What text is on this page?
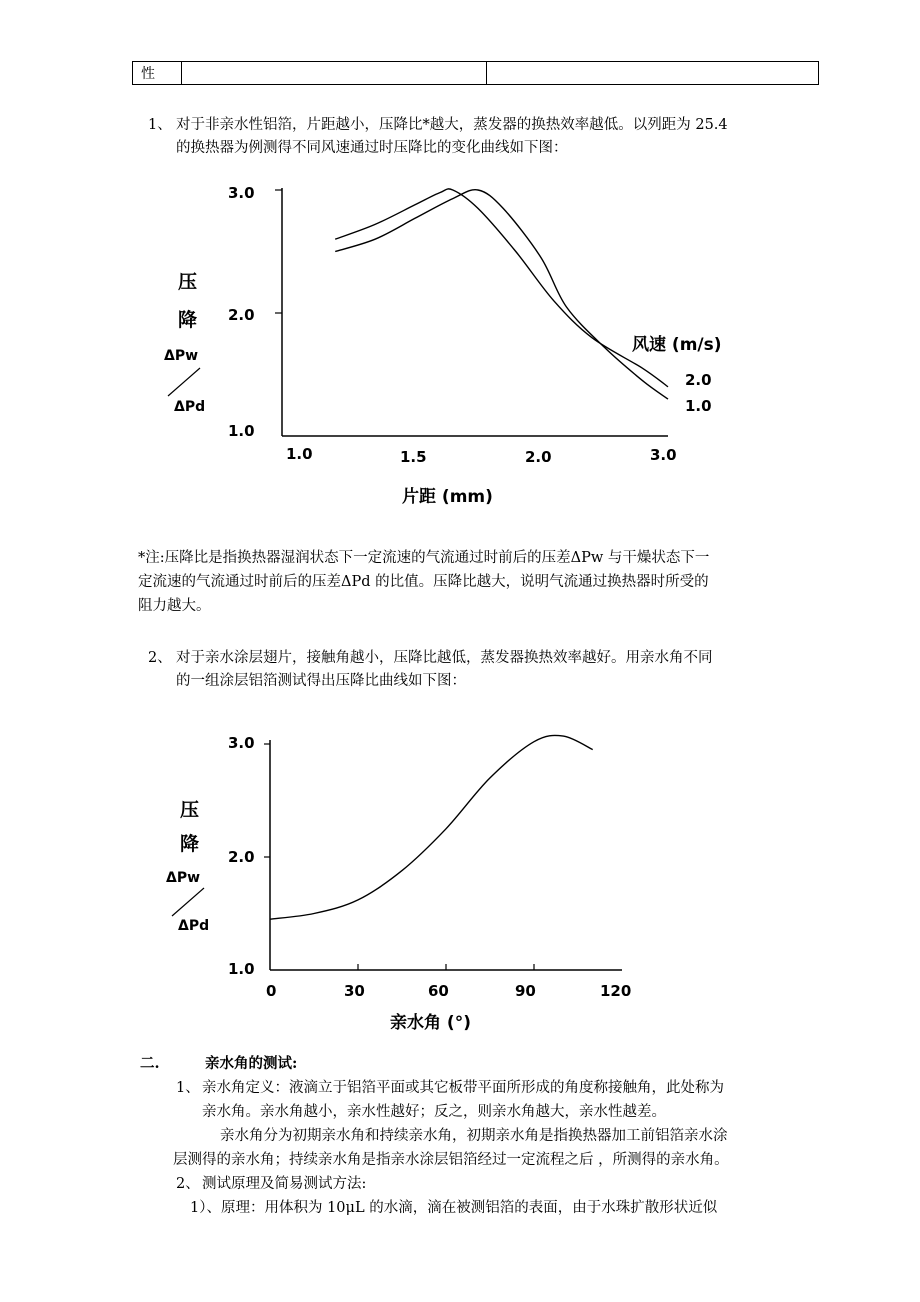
性
1、 对于非亲水性铝箔，片距越小，压降比*越大，蒸发器的换热效率越低。以列距为 25.4
的换热器为例测得不同风速通过时压降比的变化曲线如下图：
3.0
2.0
1.0
1.0	1.5	2.0	3.0
片距 (mm)
风速 (m/s)
2.0
1.0
压
降
ΔPw
ΔPd
*注:压降比是指换热器湿润状态下一定流速的气流通过时前后的压差ΔPw 与干燥状态下一
定流速的气流通过时前后的压差ΔPd 的比值。压降比越大，说明气流通过换热器时所受的
阻力越大。
2、 对于亲水涂层翅片，接触角越小，压降比越低，蒸发器换热效率越好。用亲水角不同
的一组涂层铝箔测试得出压降比曲线如下图：
3.0
2.0
1.0
0	30	60	90	120
亲水角 (°)
压
降
ΔPw
ΔPd
二.	亲水角的测试:
1、 亲水角定义：液滴立于铝箔平面或其它板带平面所形成的角度称接触角，此处称为
亲水角。亲水角越小，亲水性越好；反之，则亲水角越大，亲水性越差。
亲水角分为初期亲水角和持续亲水角，初期亲水角是指换热器加工前铝箔亲水涂
层测得的亲水角；持续亲水角是指亲水涂层铝箔经过一定流程之后 ，所测得的亲水角。
2、 测试原理及简易测试方法:
1）、原理：用体积为 10μL 的水滴，滴在被测铝箔的表面，由于水珠扩散形状近似
